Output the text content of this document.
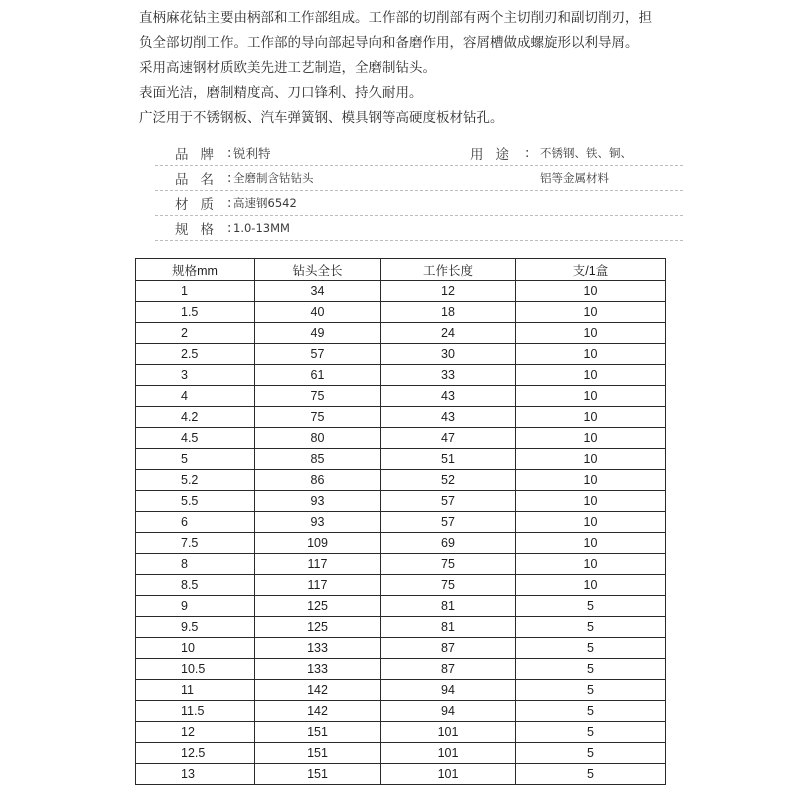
直柄麻花钻主要由柄部和工作部组成。工作部的切削部有两个主切削刃和副切削刃，担

负全部切削工作。工作部的导向部起导向和备磨作用，容屑槽做成螺旋形以利导屑。

采用高速钢材质欧美先进工艺制造，全磨制钻头。

表面光洁，磨制精度高、刀口锋利、持久耐用。

广泛用于不锈钢板、汽车弹簧钢、模具钢等高硬度板材钻孔。

品牌 : 锐利特	用途 : 不锈钢、铁、铜、
品名 : 全磨制含钴钻头	铝等金属材料
材质 : 高速钢6542
规格 : 1.0-13MM
规格mm	钻头全长	工作长度	支/1盒
1	34	12	10
1.5	40	18	10
2	49	24	10
2.5	57	30	10
3	61	33	10
4	75	43	10
4.2	75	43	10
4.5	80	47	10
5	85	51	10
5.2	86	52	10
5.5	93	57	10
6	93	57	10
7.5	109	69	10
8	117	75	10
8.5	117	75	10
9	125	81	5
9.5	125	81	5
10	133	87	5
10.5	133	87	5
11	142	94	5
11.5	142	94	5
12	151	101	5
12.5	151	101	5
13	151	101	5
